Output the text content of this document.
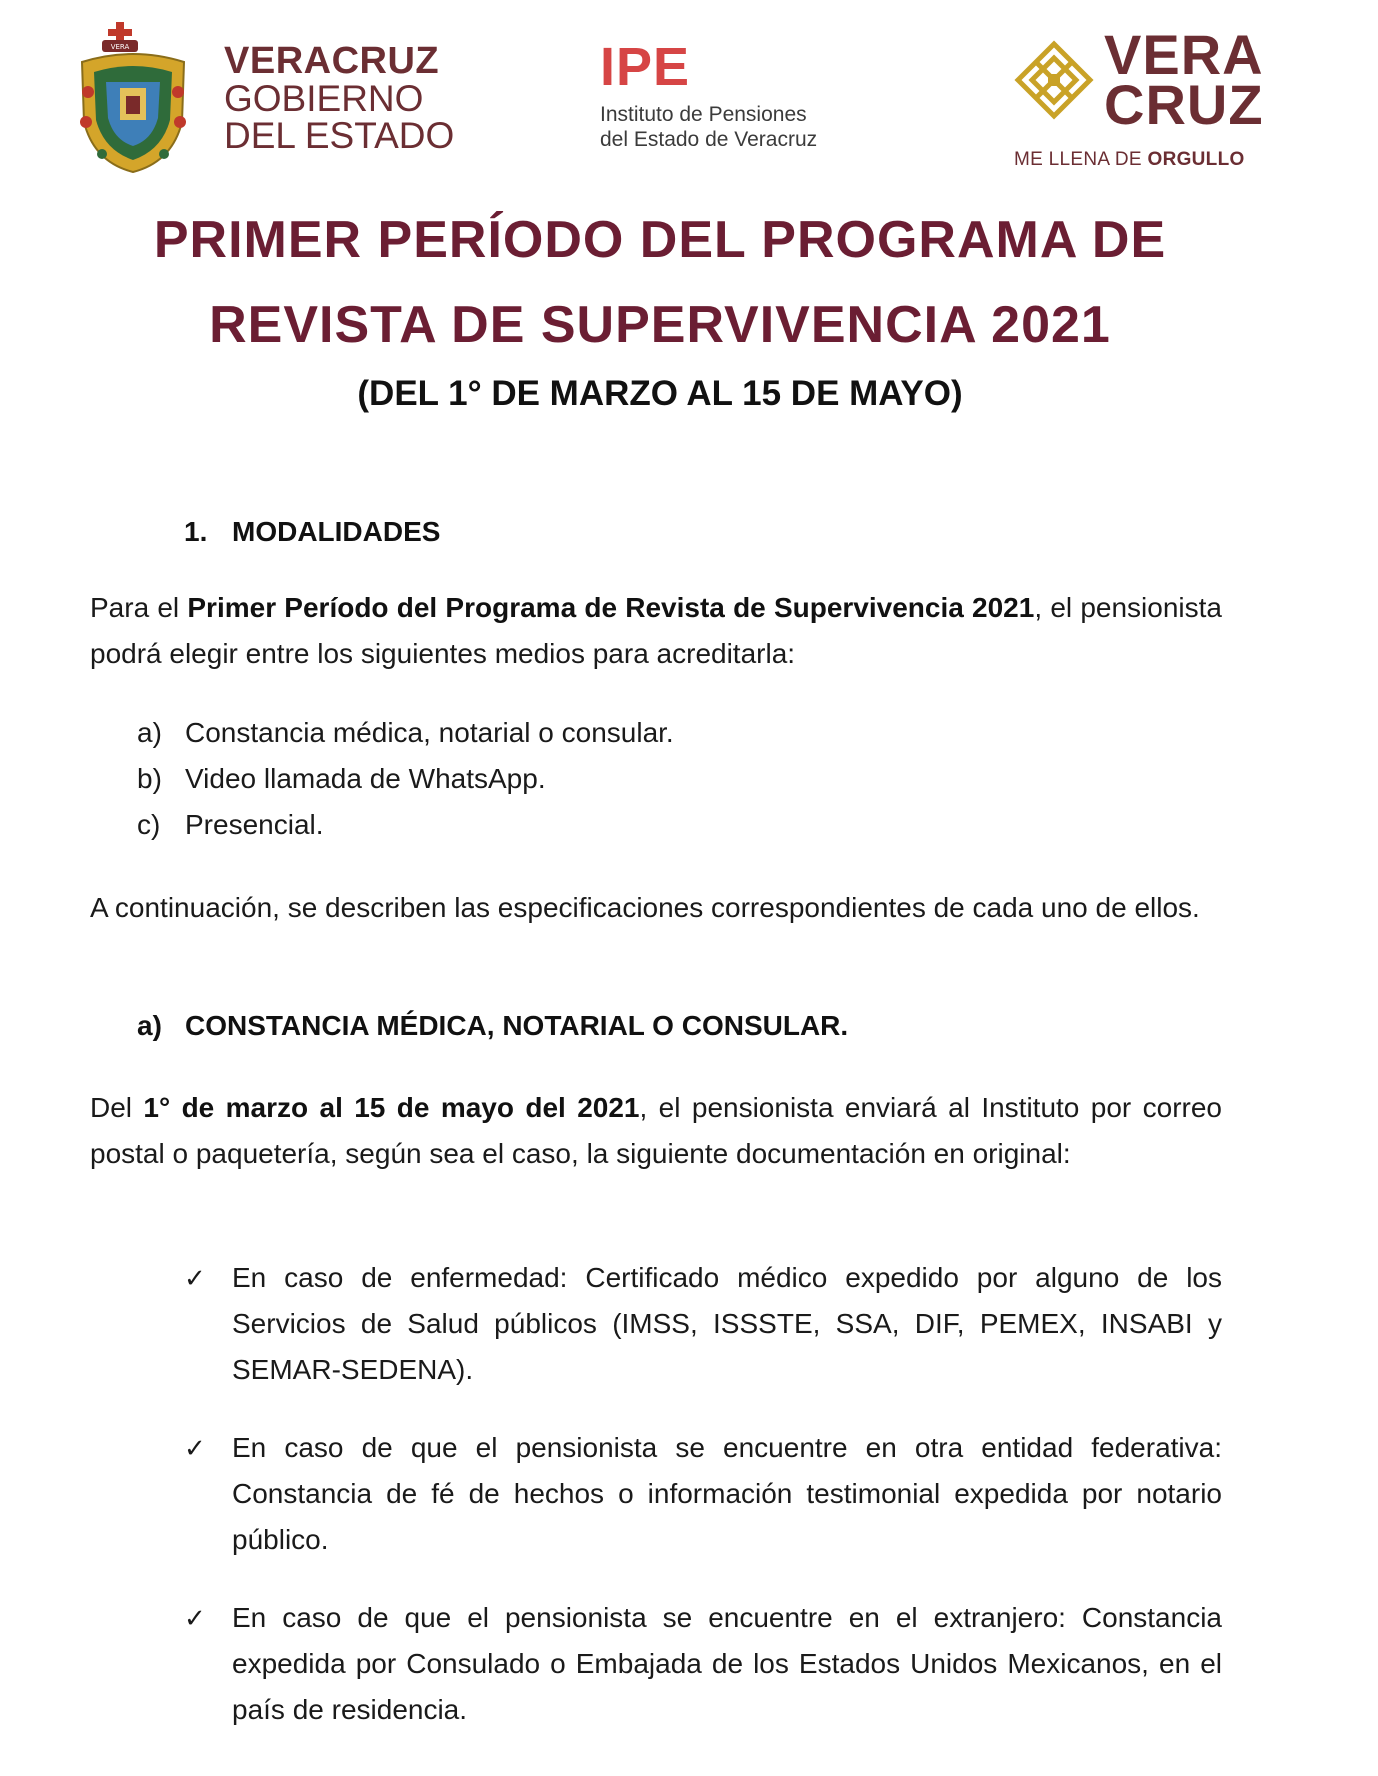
VERA VERACRUZ
GOBIERNO
DEL ESTADO
IPE
Instituto de Pensiones
del Estado de Veracruz
VERA
CRUZ
ME LLENA DE ORGULLO
PRIMER PERÍODO DEL PROGRAMA DE
REVISTA DE SUPERVIVENCIA 2021
(DEL 1° DE MARZO AL 15 DE MAYO)
1. MODALIDADES
Para el Primer Período del Programa de Revista de Supervivencia 2021, el pensionista podrá elegir entre los siguientes medios para acreditarla:
a) Constancia médica, notarial o consular.
b) Video llamada de WhatsApp.
c) Presencial.
A continuación, se describen las especificaciones correspondientes de cada uno de ellos.
a) CONSTANCIA MÉDICA, NOTARIAL O CONSULAR.
Del 1° de marzo al 15 de mayo del 2021, el pensionista enviará al Instituto por correo postal o paquetería, según sea el caso, la siguiente documentación en original:
✓ En caso de enfermedad: Certificado médico expedido por alguno de los Servicios de Salud públicos (IMSS, ISSSTE, SSA, DIF, PEMEX, INSABI y SEMAR-SEDENA).
✓ En caso de que el pensionista se encuentre en otra entidad federativa: Constancia de fé de hechos o información testimonial expedida por notario público.
✓ En caso de que el pensionista se encuentre en el extranjero: Constancia expedida por Consulado o Embajada de los Estados Unidos Mexicanos, en el país de residencia.
